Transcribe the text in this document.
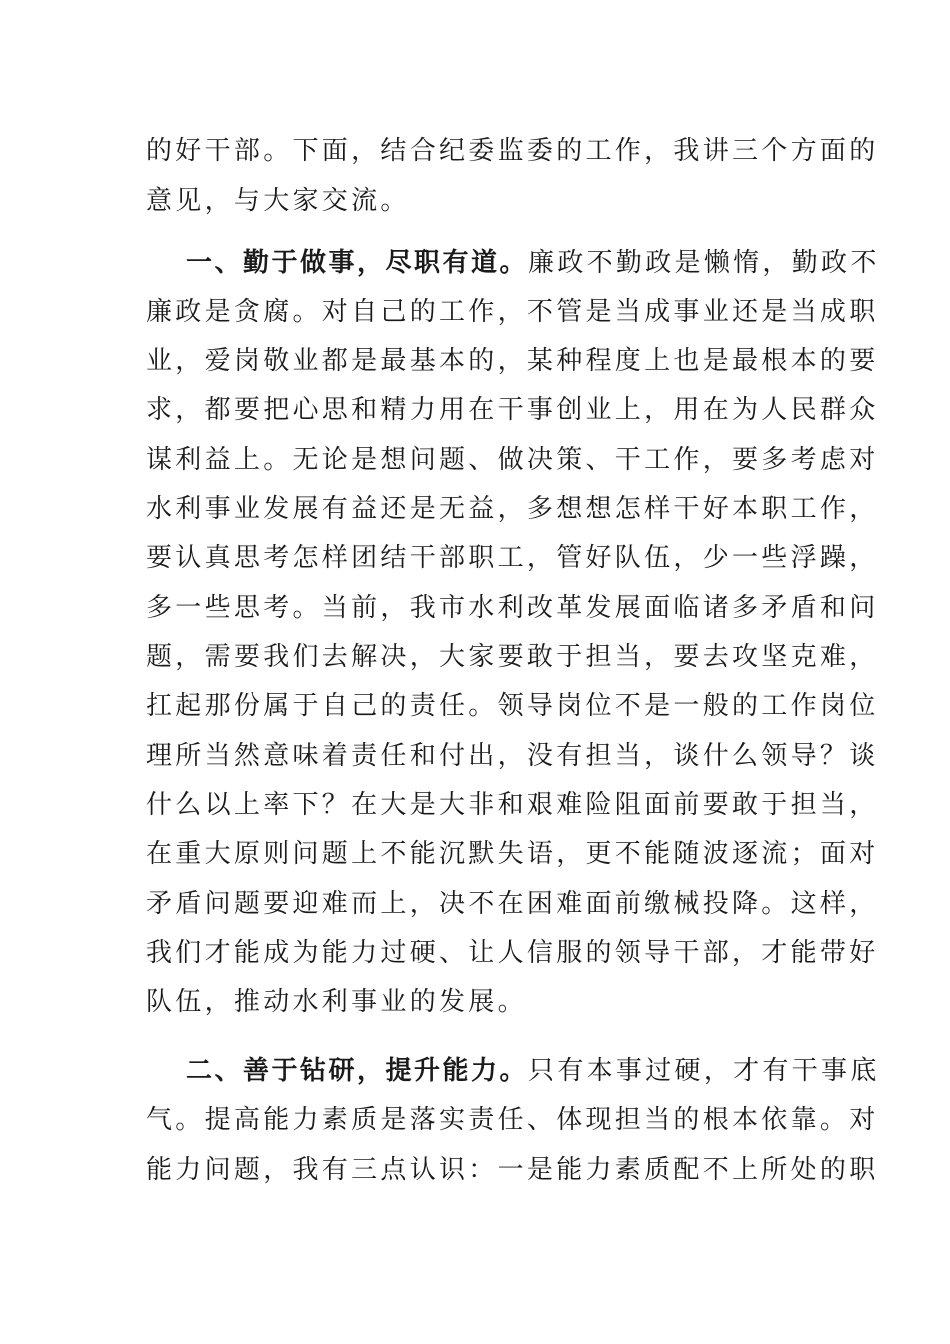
的好干部。下面，结合纪委监委的工作，我讲三个方面的
意见，与大家交流。
一、勤于做事，尽职有道。廉政不勤政是懒惰，勤政不
廉政是贪腐。对自己的工作，不管是当成事业还是当成职
业，爱岗敬业都是最基本的，某种程度上也是最根本的要
求，都要把心思和精力用在干事创业上，用在为人民群众
谋利益上。无论是想问题、做决策、干工作，要多考虑对
水利事业发展有益还是无益，多想想怎样干好本职工作，
要认真思考怎样团结干部职工，管好队伍，少一些浮躁，
多一些思考。当前，我市水利改革发展面临诸多矛盾和问
题，需要我们去解决，大家要敢于担当，要去攻坚克难，
扛起那份属于自己的责任。领导岗位不是一般的工作岗位
理所当然意味着责任和付出，没有担当，谈什么领导？谈
什么以上率下？在大是大非和艰难险阻面前要敢于担当，
在重大原则问题上不能沉默失语，更不能随波逐流；面对
矛盾问题要迎难而上，决不在困难面前缴械投降。这样，
我们才能成为能力过硬、让人信服的领导干部，才能带好
队伍，推动水利事业的发展。
二、善于钻研，提升能力。只有本事过硬，才有干事底
气。提高能力素质是落实责任、体现担当的根本依靠。对
能力问题，我有三点认识：一是能力素质配不上所处的职
